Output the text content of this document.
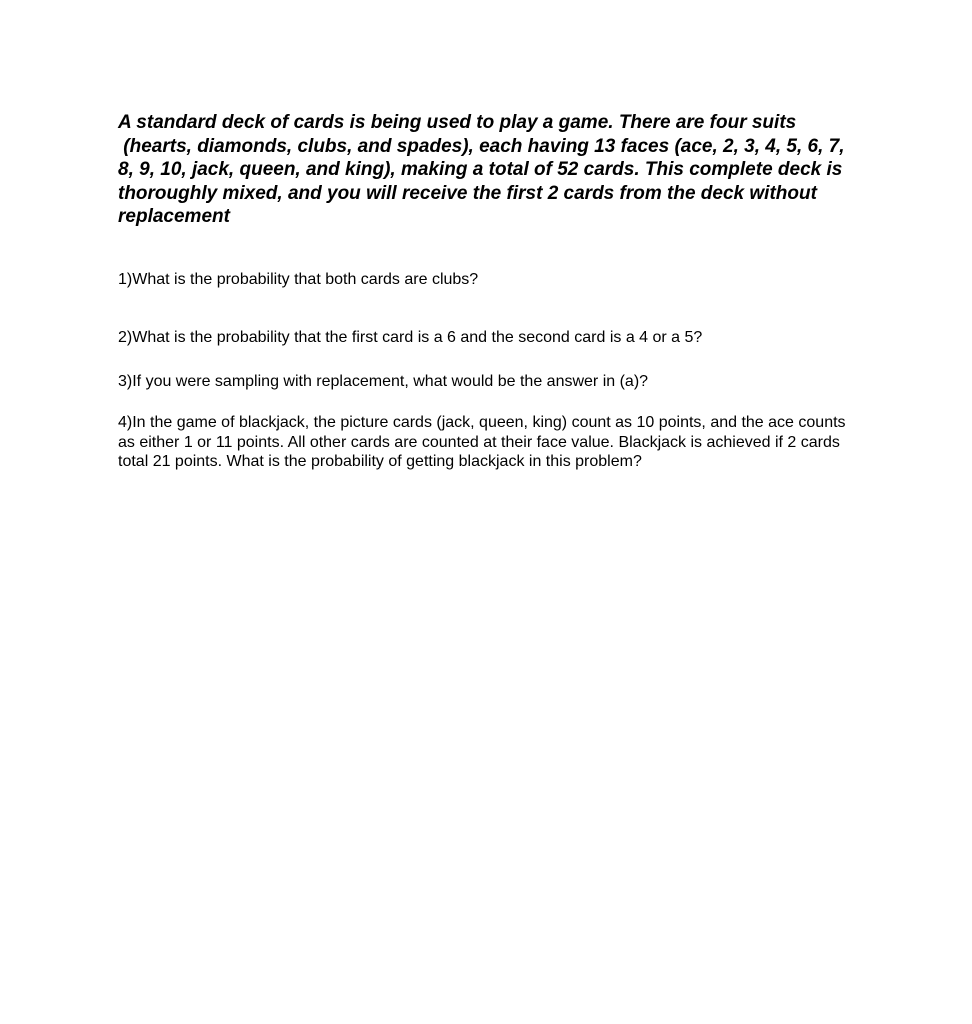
A standard deck of cards is being used to play a game. There are four suits
(hearts, diamonds, clubs, and spades), each having 13 faces (ace, 2, 3, 4, 5, 6, 7,
8, 9, 10, jack, queen, and king), making a total of 52 cards. This complete deck is
thoroughly mixed, and you will receive the first 2 cards from the deck without
replacement

1)What is the probability that both cards are clubs?

2)What is the probability that the first card is a 6 and the second card is a 4 or a 5?

3)If you were sampling with replacement, what would be the answer in (a)?

4)In the game of blackjack, the picture cards (jack, queen, king) count as 10 points, and the ace counts
as either 1 or 11 points. All other cards are counted at their face value. Blackjack is achieved if 2 cards
total 21 points. What is the probability of getting blackjack in this problem?
